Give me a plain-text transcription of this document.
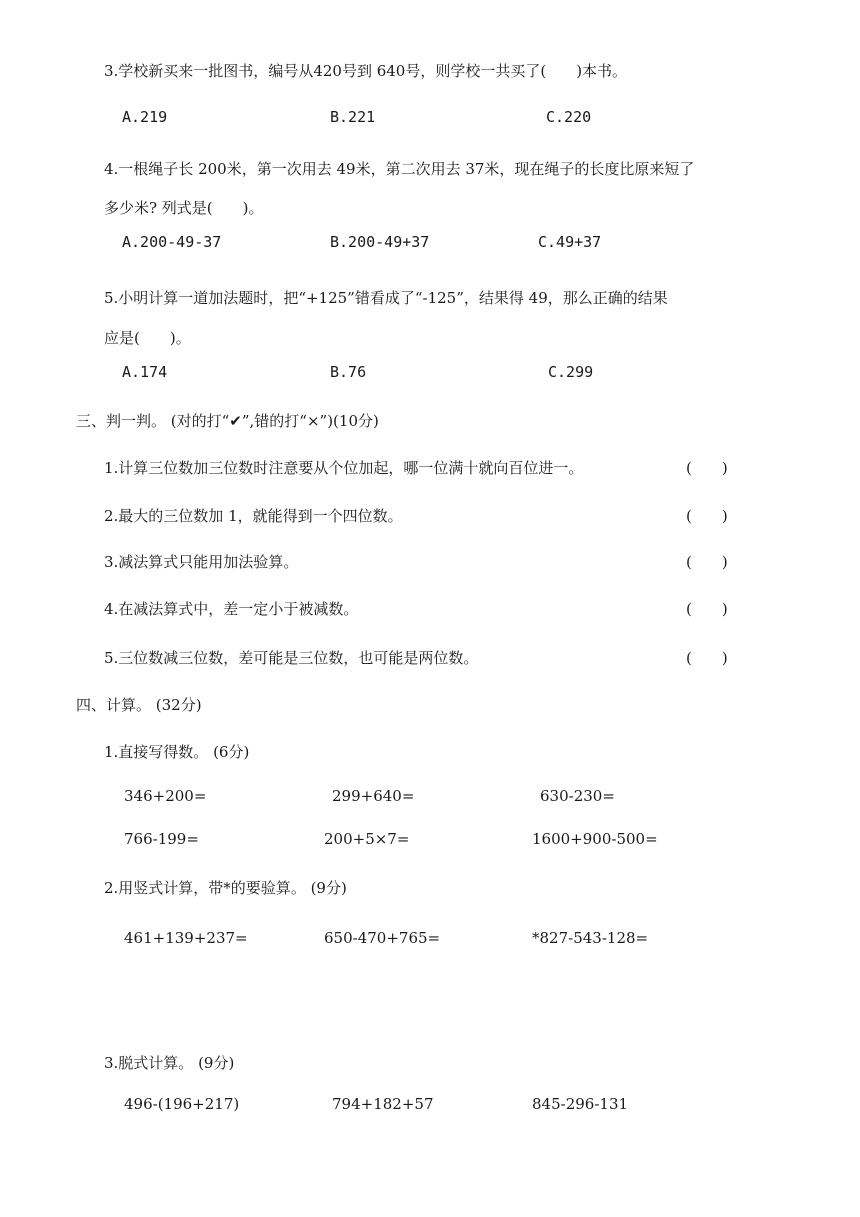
3.学校新买来一批图书，编号从420号到 640号，则学校一共买了(　　)本书。
A.219	B.221	C.220
4.一根绳子长 200米，第一次用去 49米，第二次用去 37米，现在绳子的长度比原来短了
多少米? 列式是(　　)。
A.200-49-37	B.200-49+37	C.49+37
5.小明计算一道加法题时，把“+125”错看成了“-125”，结果得 49，那么正确的结果
应是(　　)。
A.174	B.76	C.299
三、判一判。 (对的打“✔”,错的打“×”)(10分)
1.计算三位数加三位数时注意要从个位加起，哪一位满十就向百位进一。	(　　)
2.最大的三位数加 1，就能得到一个四位数。	(　　)
3.减法算式只能用加法验算。	(　　)
4.在减法算式中，差一定小于被减数。	(　　)
5.三位数减三位数，差可能是三位数，也可能是两位数。	(　　)
四、计算。 (32分)
1.直接写得数。 (6分)
346+200=	299+640=	630-230=
766-199=	200+5×7=	1600+900-500=
2.用竖式计算，带*的要验算。 (9分)
461+139+237=	650-470+765=	*827-543-128=
3.脱式计算。 (9分)
496-(196+217)	794+182+57	845-296-131
